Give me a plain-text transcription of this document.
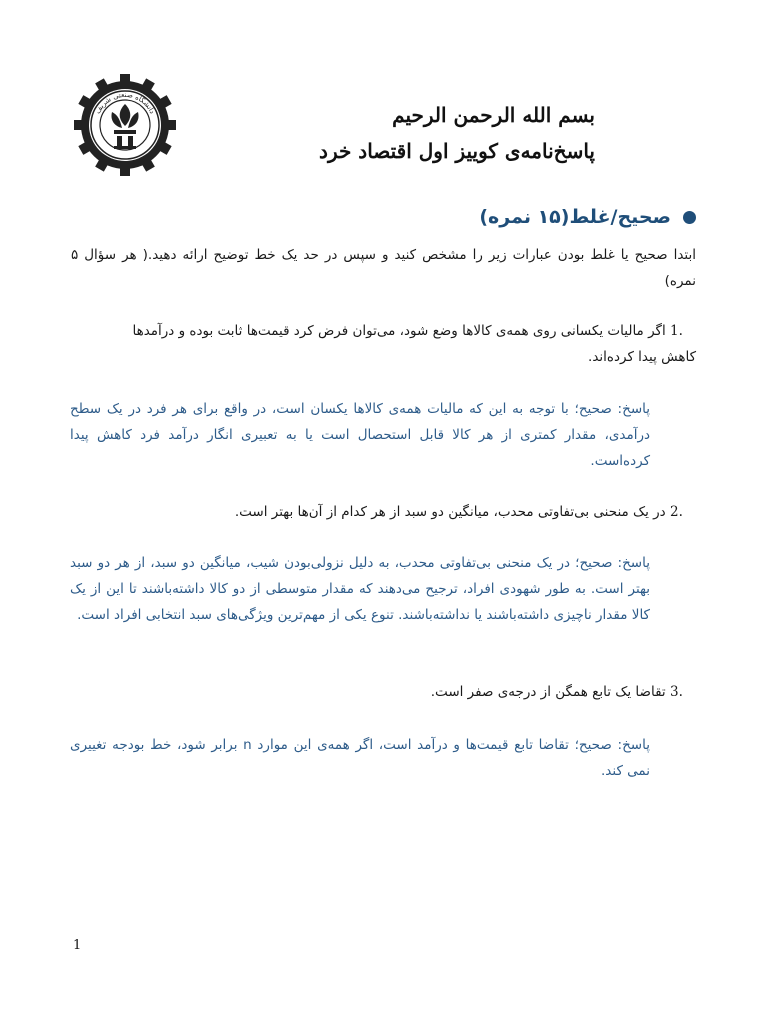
دانشگاه صنعتی شریف	بسم الله الرحمن الرحیم
پاسخ‌نامه‌ی کوییز اول اقتصاد خرد
صحیح/غلط(۱۵ نمره)
ابتدا صحیح یا غلط بودن عبارات زیر را مشخص کنید و سپس در حد یک خط توضیح ارائه دهید.( هر سؤال ۵ نمره)
1. اگر مالیات یکسانی روی همه‌ی کالاها وضع شود، می‌توان فرض کرد قیمت‌ها ثابت بوده و درآمدها کاهش پیدا کرده‌اند.
پاسخ: صحیح؛ با توجه به این که مالیات همه‌ی کالاها یکسان است، در واقع برای هر فرد در یک سطح درآمدی، مقدار کمتری از هر کالا قابل استحصال است یا به تعبیری انگار درآمد فرد کاهش پیدا کرده‌است.
2. در یک منحنی بی‌تفاوتی محدب، میانگین دو سبد از هر کدام از آن‌ها بهتر است.
پاسخ: صحیح؛ در یک منحنی بی‌تفاوتی محدب، به دلیل نزولی‌بودن شیب، میانگین دو سبد، از هر دو سبد بهتر است. به طور شهودی افراد، ترجیح می‌دهند که مقدار متوسطی از دو کالا داشته‌باشند تا این از یک کالا مقدار ناچیزی داشته‌باشند یا نداشته‌باشند. تنوع یکی از مهم‌ترین ویژگی‌های سبد انتخابی افراد است.
3. تقاضا یک تابع همگن از درجه‌ی صفر است.
پاسخ: صحیح؛ تقاضا تابع قیمت‌ها و درآمد است، اگر همه‌ی این موارد n برابر شود، خط بودجه تغییری نمی کند.
1
